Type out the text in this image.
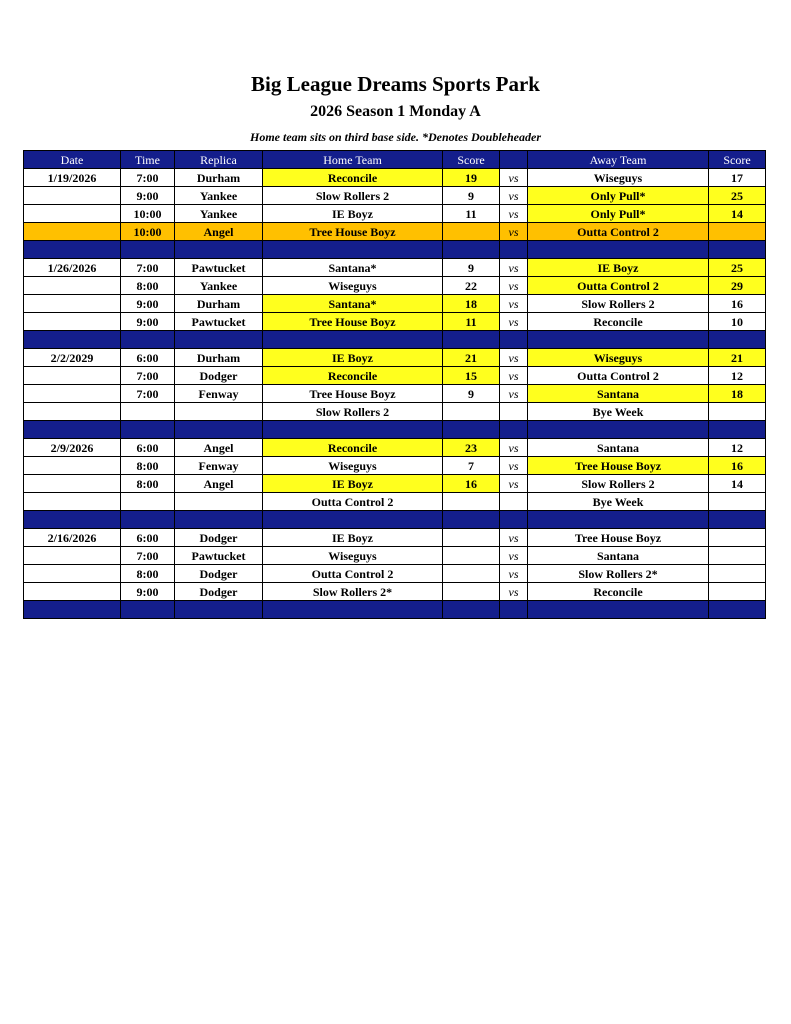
Big League Dreams Sports Park
2026 Season 1 Monday A
Home team sits on third base side. *Denotes Doubleheader
Date	Time	Replica	Home Team	Score		Away Team	Score
1/19/2026	7:00	Durham	Reconcile	19	vs	Wiseguys	17
	9:00	Yankee	Slow Rollers 2	9	vs	Only Pull*	25
	10:00	Yankee	IE Boyz	11	vs	Only Pull*	14
	10:00	Angel	Tree House Boyz		vs	Outta Control 2	

1/26/2026	7:00	Pawtucket	Santana*	9	vs	IE Boyz	25
	8:00	Yankee	Wiseguys	22	vs	Outta Control 2	29
	9:00	Durham	Santana*	18	vs	Slow Rollers 2	16
	9:00	Pawtucket	Tree House Boyz	11	vs	Reconcile	10

2/2/2029	6:00	Durham	IE Boyz	21	vs	Wiseguys	21
	7:00	Dodger	Reconcile	15	vs	Outta Control 2	12
	7:00	Fenway	Tree House Boyz	9	vs	Santana	18
			Slow Rollers 2			Bye Week	

2/9/2026	6:00	Angel	Reconcile	23	vs	Santana	12
	8:00	Fenway	Wiseguys	7	vs	Tree House Boyz	16
	8:00	Angel	IE Boyz	16	vs	Slow Rollers 2	14
			Outta Control 2			Bye Week	

2/16/2026	6:00	Dodger	IE Boyz		vs	Tree House Boyz	
	7:00	Pawtucket	Wiseguys		vs	Santana	
	8:00	Dodger	Outta Control 2		vs	Slow Rollers 2*	
	9:00	Dodger	Slow Rollers 2*		vs	Reconcile	
